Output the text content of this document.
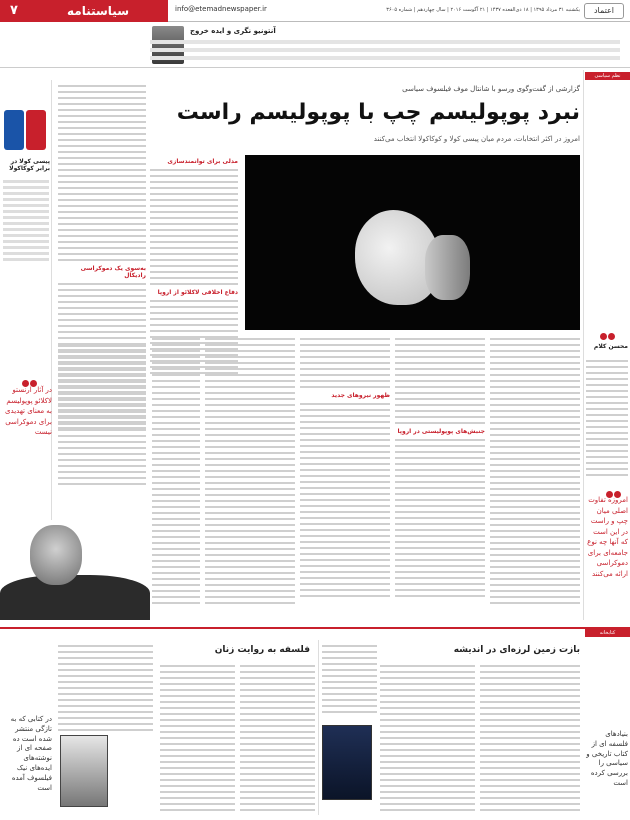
۷	سیاستنامه	info@etemadnewspaper.ir	یکشنبه ۳۱ مرداد ۱۳۹۵ | ۱۸ ذی‌القعده ۱۴۳۷ | ۲۱ آگوست ۲۰۱۶ | سال چهاردهم | شماره ۳۶۰۵	اعتماد
آنتونیو نگری و ایده خروج
پیسی کولا در برابر کوکاکولا
در آثار ارنستو لاکلائو پوپولیسم به معنای تهدیدی برای دموکراسی نیست
نظم سیاسی
محسن کلام
امروزه تفاوت اصلی میان چپ و راست در این است که آنها چه نوع جامعه‌ای برای دموکراسی ارائه می‌کنند
گزارشی از گفت‌وگوی ورسو با شانتال موف فیلسوف سیاسی
نبرد پوپولیسم چپ با پوپولیسم راست
امروز در اکثر انتخابات، مردم میان پیسی کولا و کوکاکولا انتخاب می‌کنند
مدلی برای توانمندسازی
دفاع اخلاقی لاکلائو از اروپا
به‌سوی یک دموکراسی رادیکال
جنبش‌های پوپولیستی در اروپا
ظهور نیروهای جدید
کتابخانه
بازت زمین لرزه‌ای در اندیشه
فلسفه به روایت زنان
در کتابی که به تازگی منتشر شده است ده صفحه ای از نوشته‌های ایده‌های نیک فیلسوف آمده است
بنیادهای فلسفه ای از کتاب تاریخی و سیاسی را بررسی کرده است
